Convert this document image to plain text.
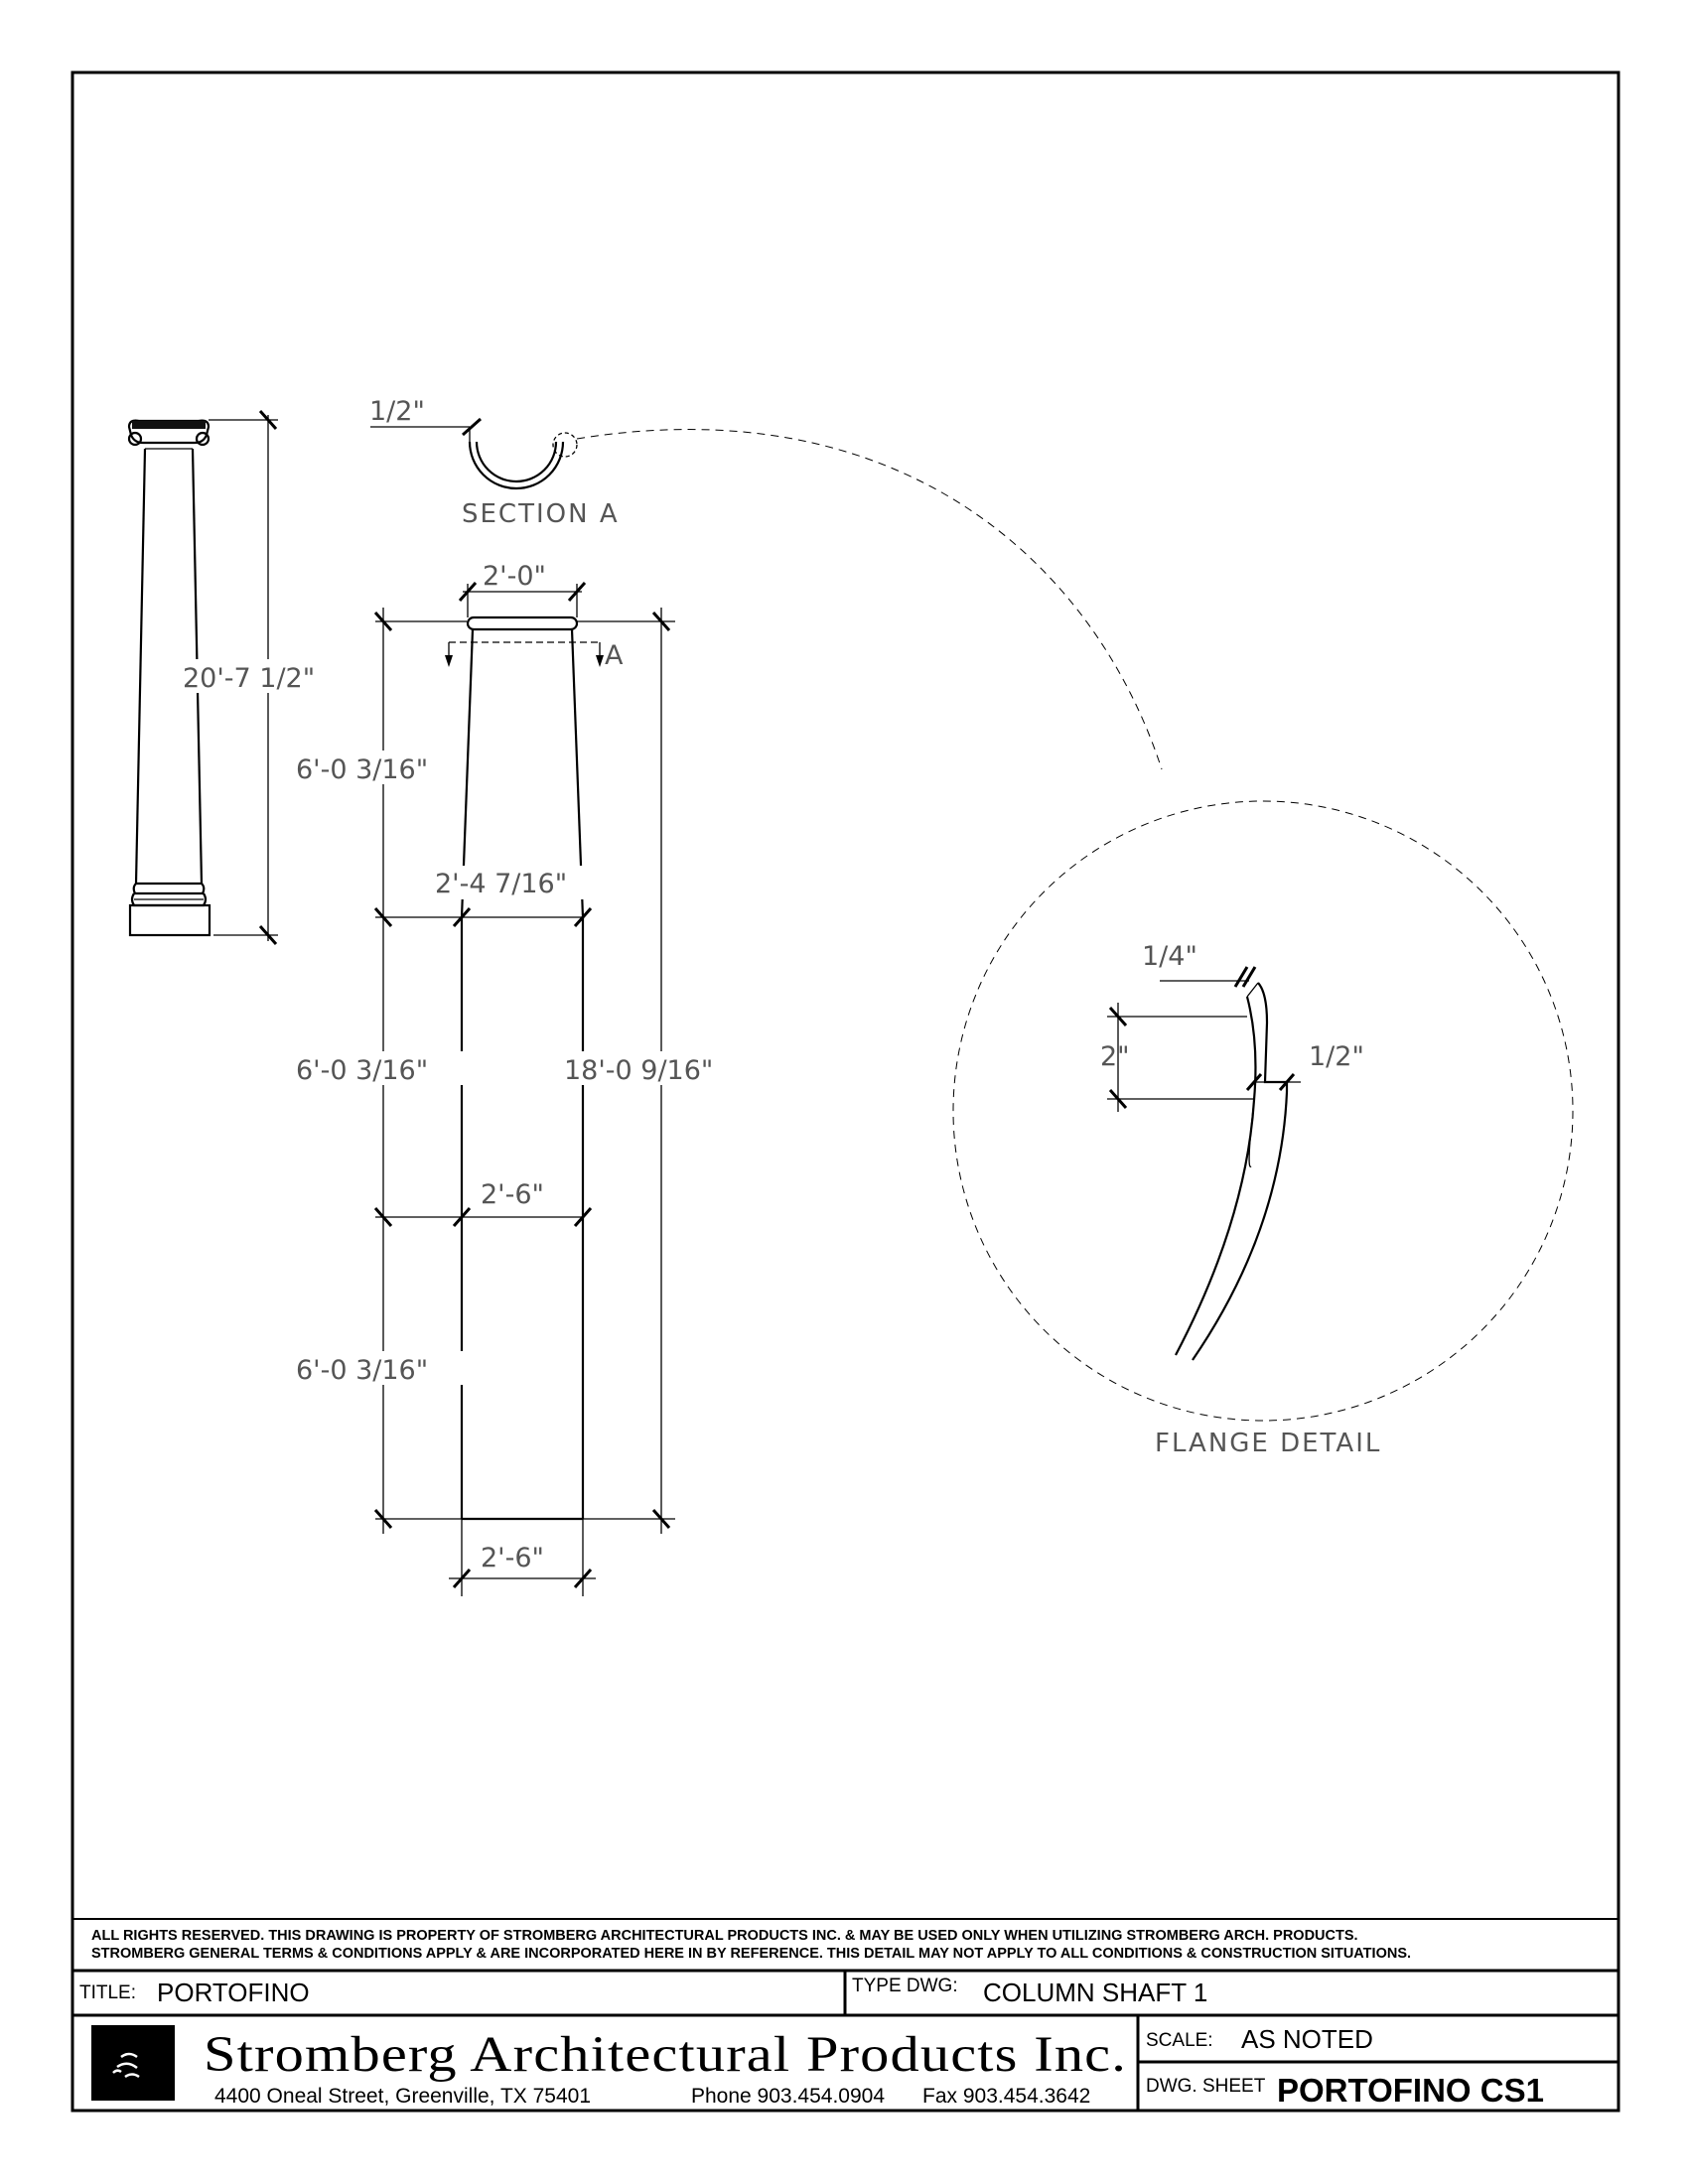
20'-7 1/2"
1/2"
SECTION A
A
2'-0"
6'-0 3/16"
6'-0 3/16"
6'-0 3/16"
18'-0 9/16"
2'-4 7/16"
2'-6"
2'-6"
1/4"
2"	1/2"
FLANGE DETAIL
ALL RIGHTS RESERVED. THIS DRAWING IS PROPERTY OF STROMBERG ARCHITECTURAL PRODUCTS INC. & MAY BE USED ONLY WHEN UTILIZING STROMBERG ARCH. PRODUCTS.
STROMBERG GENERAL TERMS & CONDITIONS APPLY & ARE INCORPORATED HERE IN BY REFERENCE. THIS DETAIL MAY NOT APPLY TO ALL CONDITIONS & CONSTRUCTION SITUATIONS.
TITLE: PORTOFINO	TYPE DWG: COLUMN SHAFT 1
Stromberg Architectural Products Inc.
4400 Oneal Street, Greenville, TX 75401	Phone 903.454.0904 Fax 903.454.3642
SCALE: AS NOTED
DWG. SHEET PORTOFINO CS1
